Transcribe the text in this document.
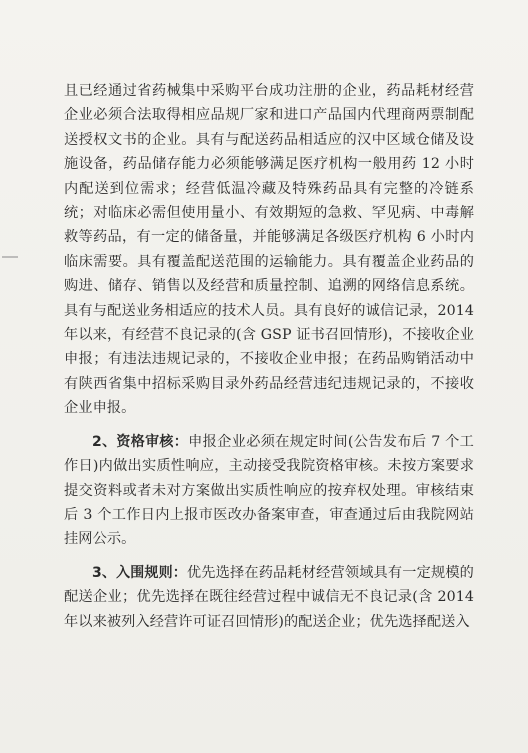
且已经通过省药械集中采购平台成功注册的企业，药品耗材经营企业必须合法取得相应品规厂家和进口产品国内代理商两票制配送授权文书的企业。具有与配送药品相适应的汉中区域仓储及设施设备，药品储存能力必须能够满足医疗机构一般用药 12 小时内配送到位需求；经营低温冷藏及特殊药品具有完整的冷链系统；对临床必需但使用量小、有效期短的急救、罕见病、中毒解救等药品，有一定的储备量，并能够满足各级医疗机构 6 小时内临床需要。具有覆盖配送范围的运输能力。具有覆盖企业药品的购进、储存、销售以及经营和质量控制、追溯的网络信息系统。具有与配送业务相适应的技术人员。具有良好的诚信记录，2014 年以来，有经营不良记录的(含 GSP 证书召回情形)，不接收企业申报；有违法违规记录的，不接收企业申报；在药品购销活动中有陕西省集中招标采购目录外药品经营违纪违规记录的，不接收企业申报。

2、资格审核：申报企业必须在规定时间(公告发布后 7 个工作日)内做出实质性响应，主动接受我院资格审核。未按方案要求提交资料或者未对方案做出实质性响应的按弃权处理。审核结束后 3 个工作日内上报市医改办备案审查，审查通过后由我院网站挂网公示。

3、入围规则：优先选择在药品耗材经营领域具有一定规模的配送企业；优先选择在既往经营过程中诚信无不良记录(含 2014 年以来被列入经营许可证召回情形)的配送企业；优先选择配送入
